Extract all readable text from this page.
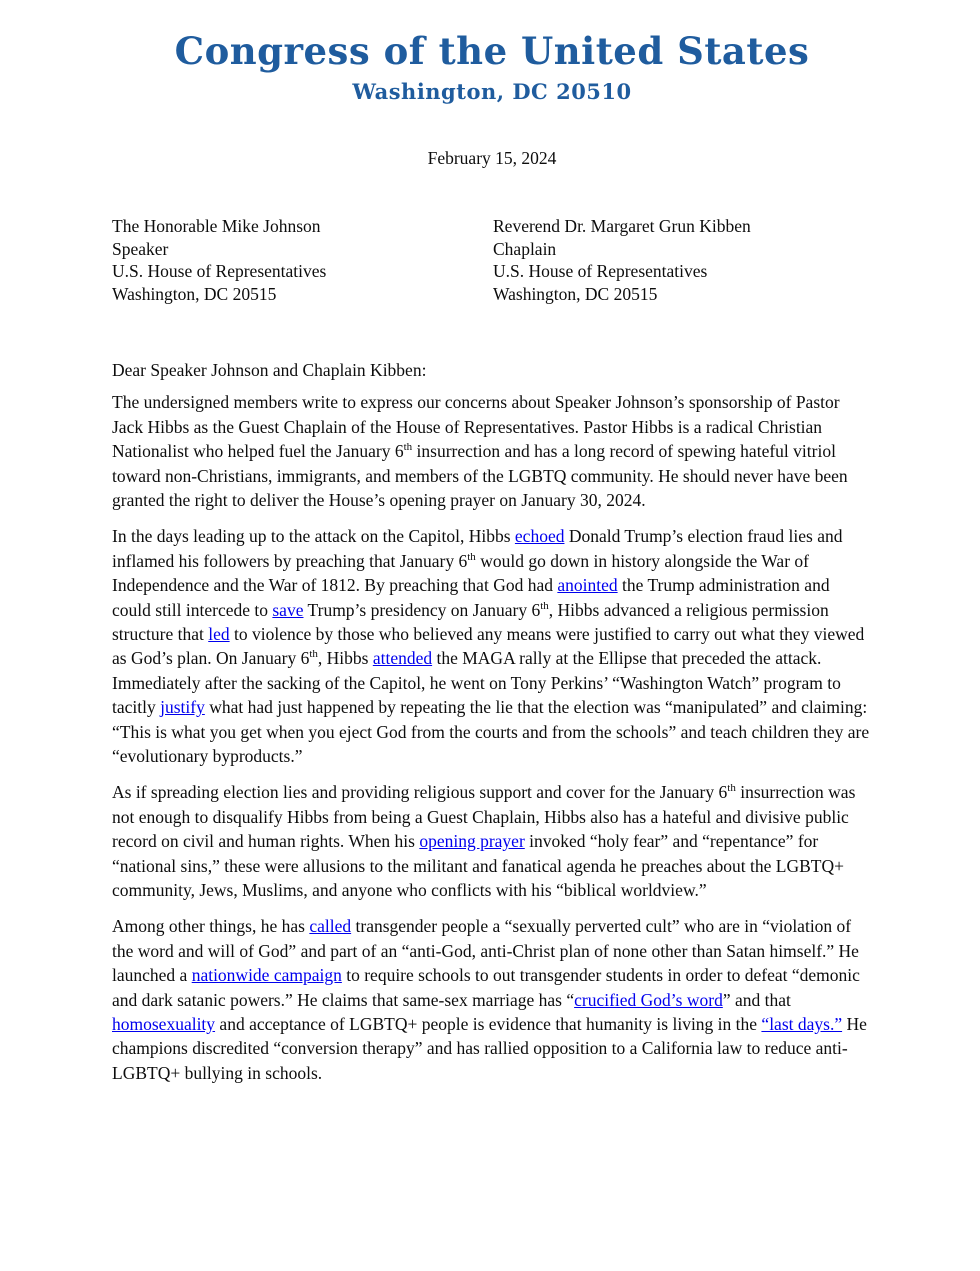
Congress of the United States
Washington, DC 20510
February 15, 2024
The Honorable Mike Johnson
Speaker
U.S. House of Representatives
Washington, DC 20515
Reverend Dr. Margaret Grun Kibben
Chaplain
U.S. House of Representatives
Washington, DC 20515
Dear Speaker Johnson and Chaplain Kibben:

The undersigned members write to express our concerns about Speaker Johnson’s sponsorship of Pastor Jack Hibbs as the Guest Chaplain of the House of Representatives. Pastor Hibbs is a radical Christian Nationalist who helped fuel the January 6th insurrection and has a long record of spewing hateful vitriol toward non-Christians, immigrants, and members of the LGBTQ community. He should never have been granted the right to deliver the House’s opening prayer on January 30, 2024.

In the days leading up to the attack on the Capitol, Hibbs echoed Donald Trump’s election fraud lies and inflamed his followers by preaching that January 6th would go down in history alongside the War of Independence and the War of 1812. By preaching that God had anointed the Trump administration and could still intercede to save Trump’s presidency on January 6th, Hibbs advanced a religious permission structure that led to violence by those who believed any means were justified to carry out what they viewed as God’s plan. On January 6th, Hibbs attended the MAGA rally at the Ellipse that preceded the attack. Immediately after the sacking of the Capitol, he went on Tony Perkins’ “Washington Watch” program to tacitly justify what had just happened by repeating the lie that the election was “manipulated” and claiming: “This is what you get when you eject God from the courts and from the schools” and teach children they are “evolutionary byproducts.”

As if spreading election lies and providing religious support and cover for the January 6th insurrection was not enough to disqualify Hibbs from being a Guest Chaplain, Hibbs also has a hateful and divisive public record on civil and human rights. When his opening prayer invoked “holy fear” and “repentance” for “national sins,” these were allusions to the militant and fanatical agenda he preaches about the LGBTQ+ community, Jews, Muslims, and anyone who conflicts with his “biblical worldview.”

Among other things, he has called transgender people a “sexually perverted cult” who are in “violation of the word and will of God” and part of an “anti-God, anti-Christ plan of none other than Satan himself.” He launched a nationwide campaign to require schools to out transgender students in order to defeat “demonic and dark satanic powers.” He claims that same-sex marriage has “crucified God’s word” and that homosexuality and acceptance of LGBTQ+ people is evidence that humanity is living in the “last days.” He champions discredited “conversion therapy” and has rallied opposition to a California law to reduce anti-LGBTQ+ bullying in schools.
